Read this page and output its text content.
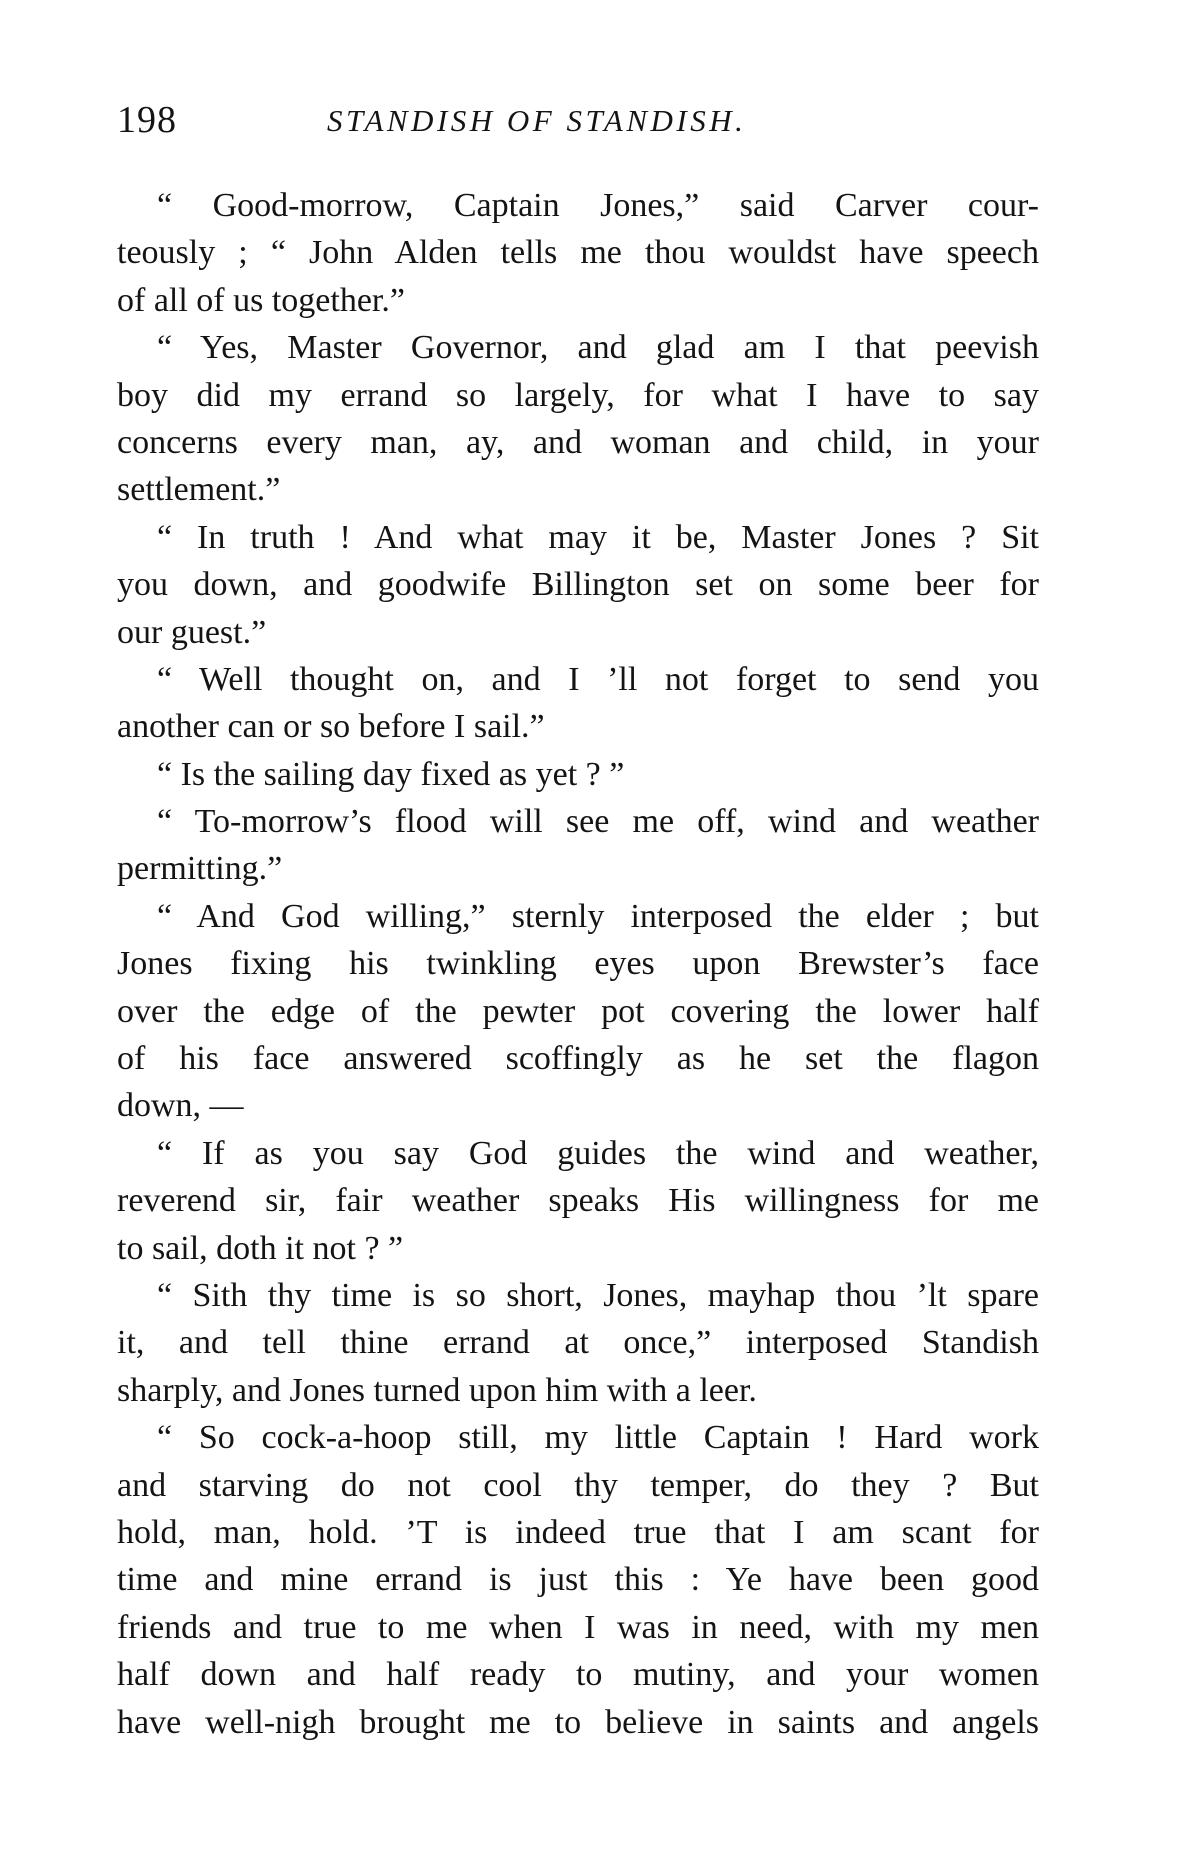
198	STANDISH OF STANDISH.
“ Good-morrow, Captain Jones,” said Carver cour-
teously ; “ John Alden tells me thou wouldst have speech
of all of us together.”
“ Yes, Master Governor, and glad am I that peevish
boy did my errand so largely, for what I have to say
concerns every man, ay, and woman and child, in your
settlement.”
“ In truth ! And what may it be, Master Jones ? Sit
you down, and goodwife Billington set on some beer for
our guest.”
“ Well thought on, and I ’ll not forget to send you
another can or so before I sail.”
“ Is the sailing day fixed as yet ? ”
“ To-morrow’s flood will see me off, wind and weather
permitting.”
“ And God willing,” sternly interposed the elder ; but
Jones fixing his twinkling eyes upon Brewster’s face
over the edge of the pewter pot covering the lower half
of his face answered scoffingly as he set the flagon
down, —
“ If as you say God guides the wind and weather,
reverend sir, fair weather speaks His willingness for me
to sail, doth it not ? ”
“ Sith thy time is so short, Jones, mayhap thou ’lt spare
it, and tell thine errand at once,” interposed Standish
sharply, and Jones turned upon him with a leer.
“ So cock-a-hoop still, my little Captain ! Hard work
and starving do not cool thy temper, do they ? But
hold, man, hold. ’T is indeed true that I am scant for
time and mine errand is just this : Ye have been good
friends and true to me when I was in need, with my men
half down and half ready to mutiny, and your women
have well-nigh brought me to believe in saints and angels
